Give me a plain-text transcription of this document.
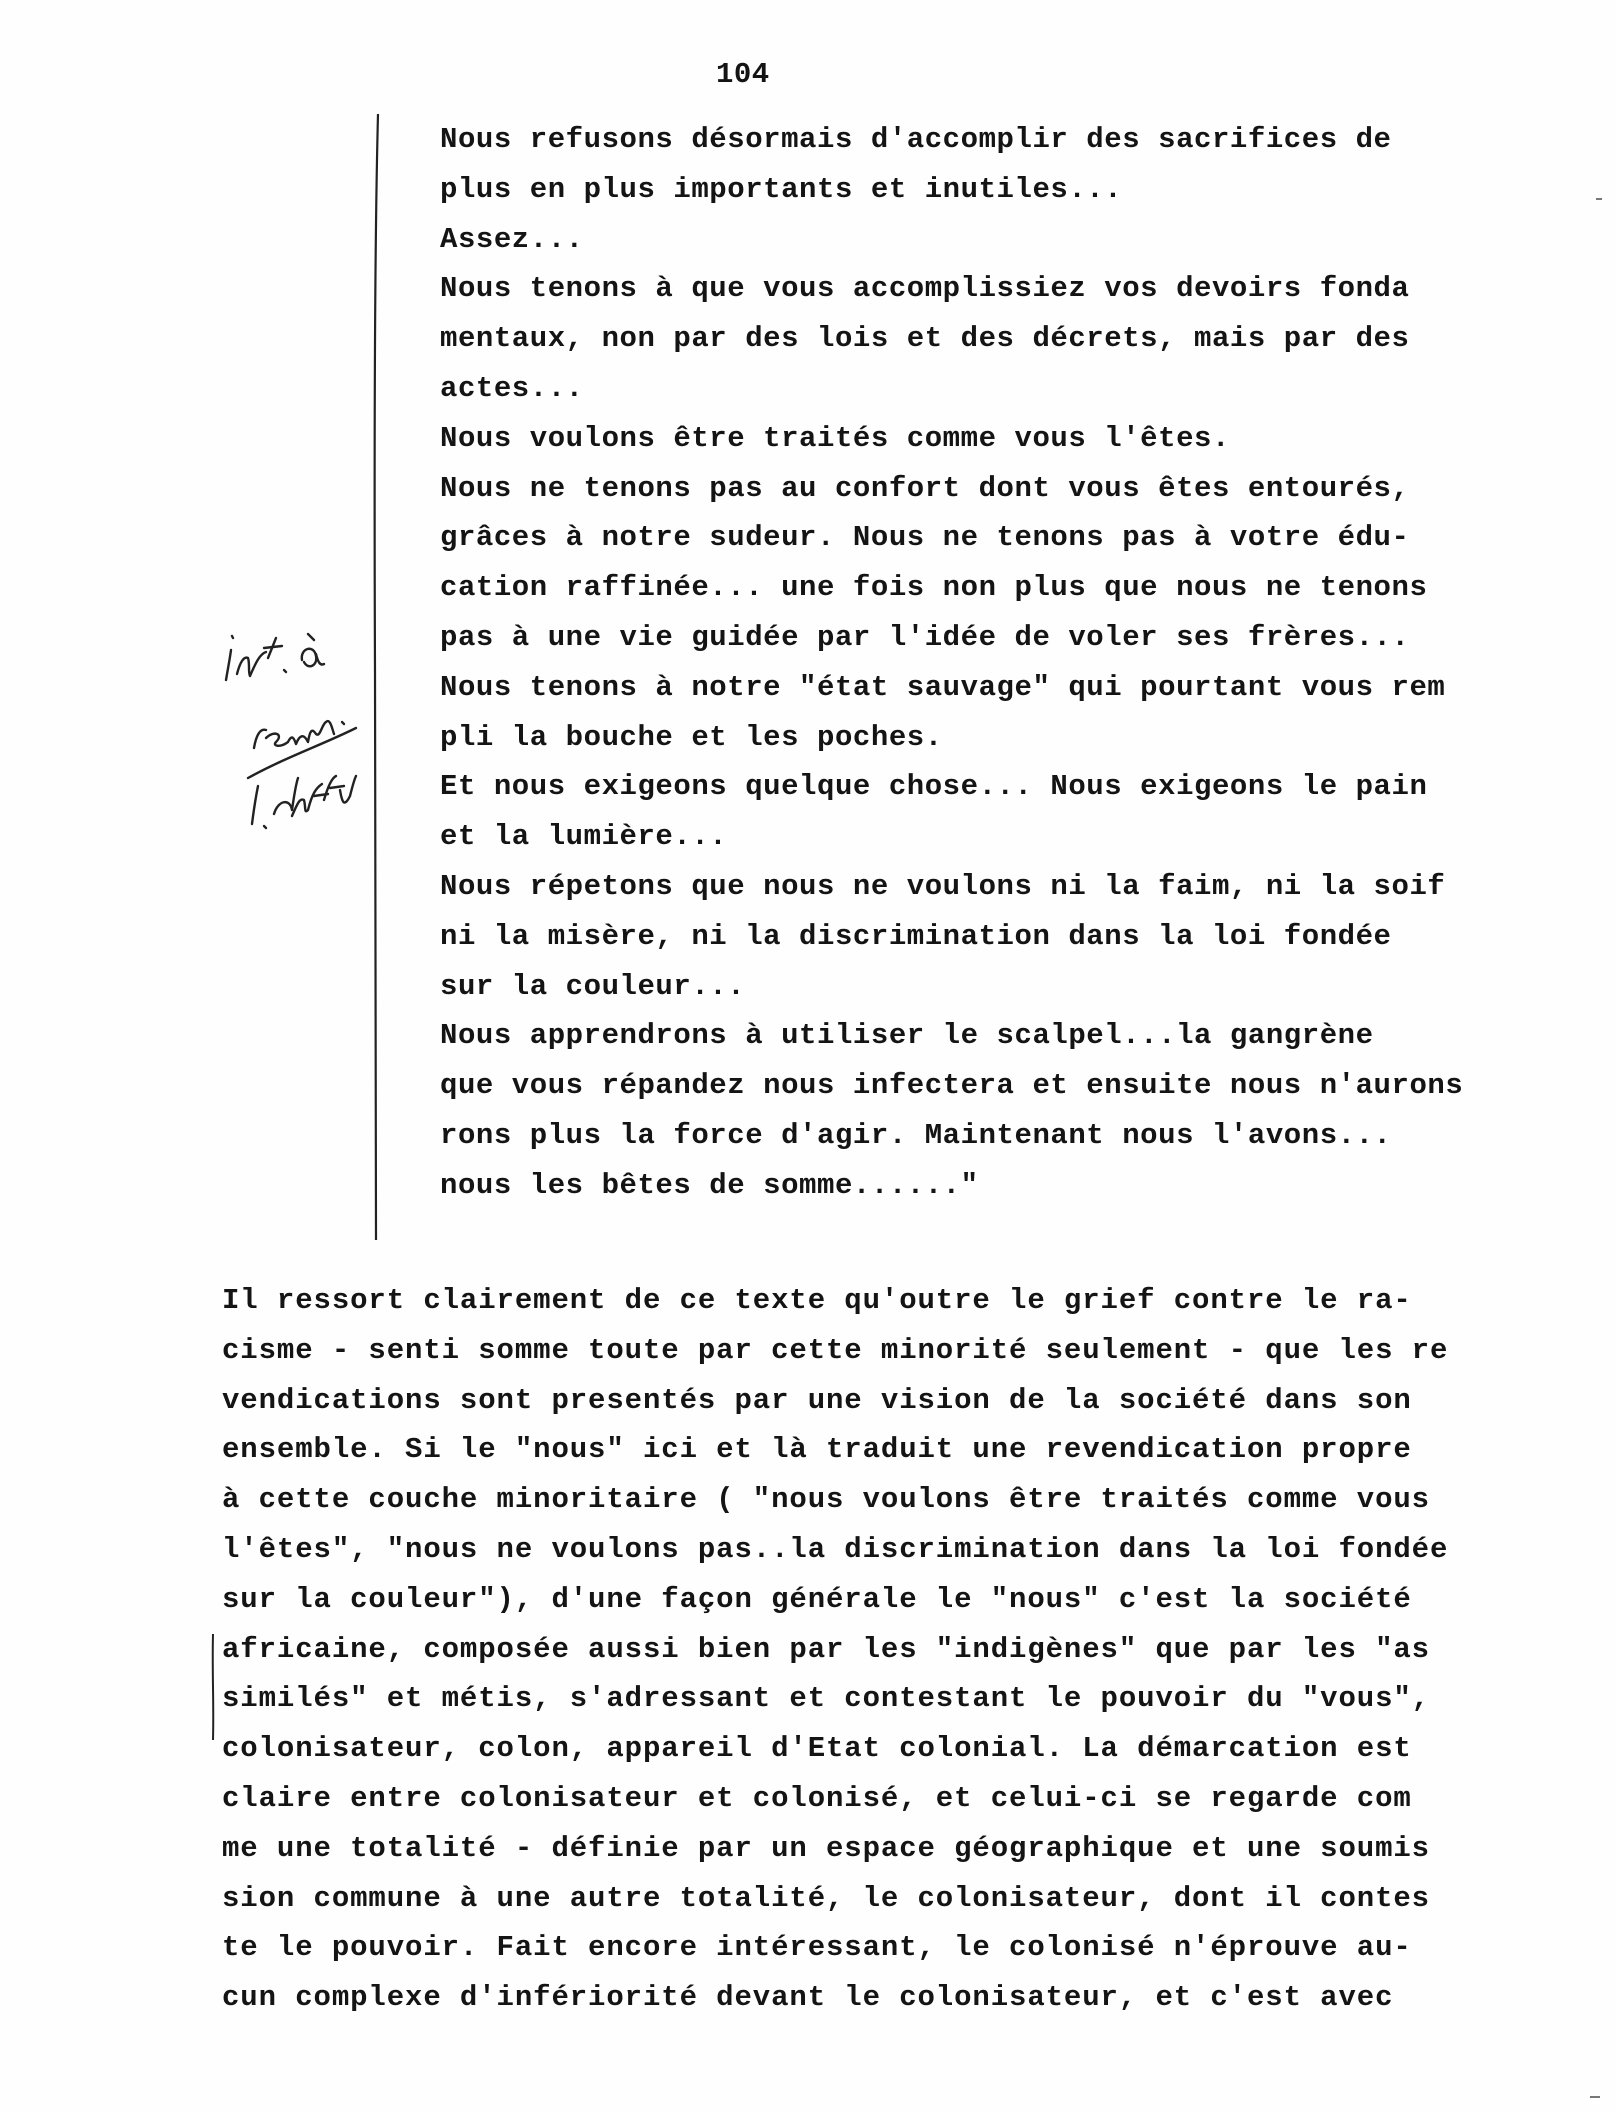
104
Nous refusons désormais d'accomplir des sacrifices de
plus en plus importants et inutiles...
Assez...
Nous tenons à que vous accomplissiez vos devoirs fonda
mentaux, non par des lois et des décrets, mais par des
actes...
Nous voulons être traités comme vous l'êtes.
Nous ne tenons pas au confort dont vous êtes entourés,
grâces à notre sudeur. Nous ne tenons pas à votre édu-
cation raffinée... une fois non plus que nous ne tenons
pas à une vie guidée par l'idée de voler ses frères...
Nous tenons à notre "état sauvage" qui pourtant vous rem
pli la bouche et les poches.
Et nous exigeons quelque chose... Nous exigeons le pain
et la lumière...
Nous répetons que nous ne voulons ni la faim, ni la soif
ni la misère, ni la discrimination dans la loi fondée
sur la couleur...
Nous apprendrons à utiliser le scalpel...la gangrène
que vous répandez nous infectera et ensuite nous n'aurons
rons plus la force d'agir. Maintenant nous l'avons...
nous les bêtes de somme......"
Il ressort clairement de ce texte qu'outre le grief contre le ra-
cisme - senti somme toute par cette minorité seulement - que les re
vendications sont presentés par une vision de la société dans son
ensemble. Si le "nous" ici et là traduit une revendication propre
à cette couche minoritaire ( "nous voulons être traités comme vous
l'êtes", "nous ne voulons pas..la discrimination dans la loi fondée
sur la couleur"), d'une façon générale le "nous" c'est la société
africaine, composée aussi bien par les "indigènes" que par les "as
similés" et métis, s'adressant et contestant le pouvoir du "vous",
colonisateur, colon, appareil d'Etat colonial. La démarcation est
claire entre colonisateur et colonisé, et celui-ci se regarde com
me une totalité - définie par un espace géographique et une soumis
sion commune à une autre totalité, le colonisateur, dont il contes
te le pouvoir. Fait encore intéressant, le colonisé n'éprouve au-
cun complexe d'infériorité devant le colonisateur, et c'est avec
